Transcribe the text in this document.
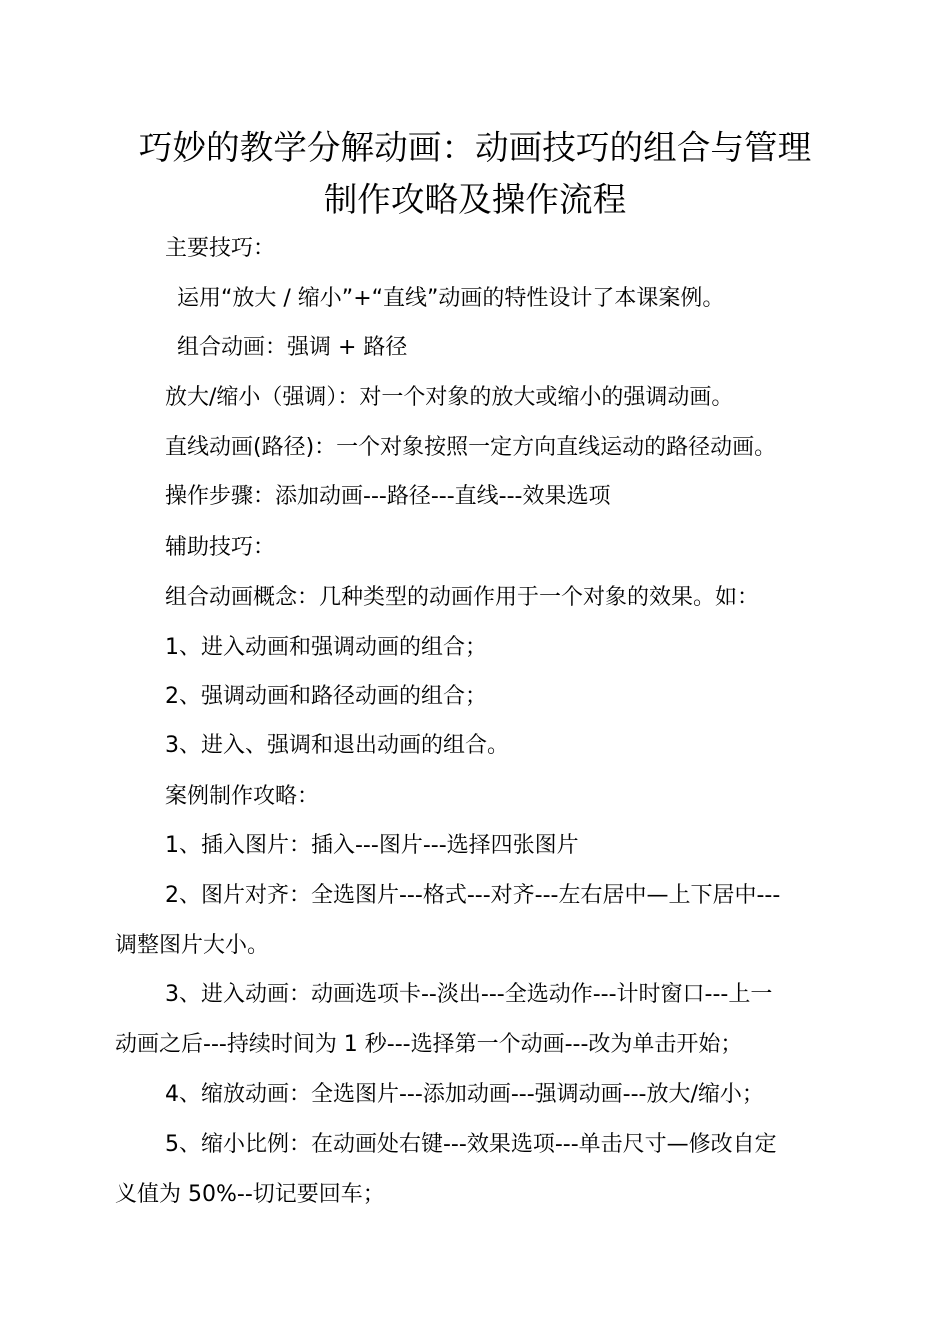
巧妙的教学分解动画：动画技巧的组合与管理
制作攻略及操作流程
主要技巧：
运用“放大 / 缩小”+“直线”动画的特性设计了本课案例。
组合动画：强调 + 路径
放大/缩小（强调）：对一个对象的放大或缩小的强调动画。
直线动画(路径)：一个对象按照一定方向直线运动的路径动画。
操作步骤：添加动画---路径---直线---效果选项
辅助技巧：
组合动画概念：几种类型的动画作用于一个对象的效果。如：
1、进入动画和强调动画的组合；
2、强调动画和路径动画的组合；
3、进入、强调和退出动画的组合。
案例制作攻略：
1、插入图片：插入---图片---选择四张图片
2、图片对齐：全选图片---格式---对齐---左右居中—上下居中---
调整图片大小。
3、进入动画：动画选项卡--淡出---全选动作---计时窗口---上一
动画之后---持续时间为 1 秒---选择第一个动画---改为单击开始；
4、缩放动画：全选图片---添加动画---强调动画---放大/缩小；
5、缩小比例：在动画处右键---效果选项---单击尺寸—修改自定
义值为 50%--切记要回车；
